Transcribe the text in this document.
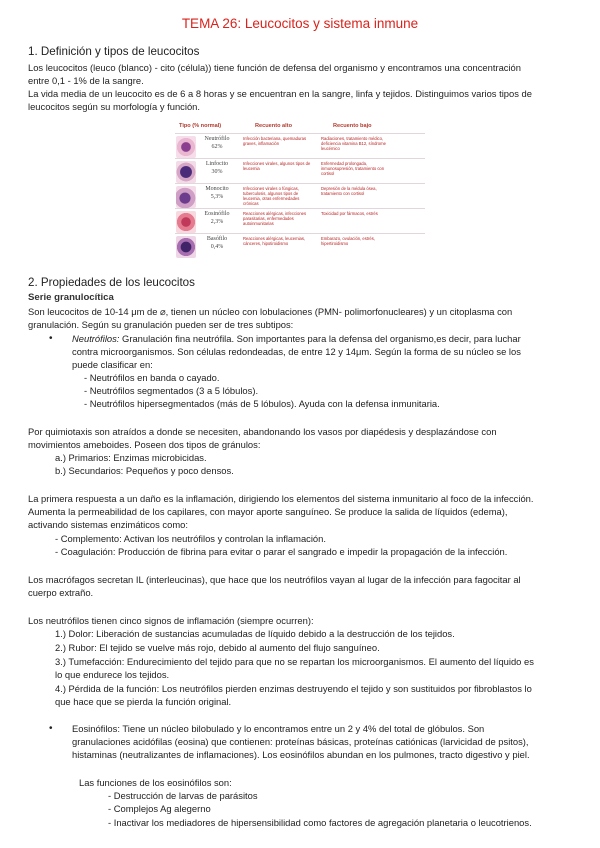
TEMA 26: Leucocitos y sistema inmune
1. Definición y tipos de leucocitos
Los leucocitos (leuco (blanco) - cito (célula)) tiene función de defensa del organismo y encontramos una concentración
entre 0,1 - 1% de la sangre.
La vida media de un leucocito es de 6 a 8 horas y se encuentran en la sangre, linfa y tejidos. Distinguimos varios tipos de
leucocitos según su morfología y función.
Tipo (% normal)	Recuento alto	Recuento bajo
Neutrófilo
62%
Infección bacteriana, quemaduras graves, inflamación
Radiaciones, tratamiento médico, deficiencia vitamina B12, síndrome leucémico
Linfocito
30%
Infecciones virales, algunos tipos de leucemia
Enfermedad prolongada, inmunosupresión, tratamiento con cortisol
Monocito
5,3%
Infecciones virales o fúngicas, tuberculosis, algunos tipos de leucemia, otras enfermedades crónicas
Depresión de la médula ósea, tratamiento con cortisol
Eosinófilo
2,3%
Reacciones alérgicas, infecciones parasitarias, enfermedades autoinmunitarias
Toxicidad por fármacos, estrés
Basófilo
0,4%
Reacciones alérgicas, leucemias, cánceres, hipotiroidismo
Embarazo, ovulación, estrés, hipertiroidismo
2. Propiedades de los leucocitos
Serie granulocítica
Son leucocitos de 10-14 μm de ⌀, tienen un núcleo con lobulaciones (PMN- polimorfonucleares) y un citoplasma con
granulación. Según su granulación pueden ser de tres subtipos:
• Neutrófilos: Granulación fina neutrófila. Son importantes para la defensa del organismo,es decir, para luchar
contra microorganismos. Son células redondeadas, de entre 12 y 14μm. Según la forma de su núcleo se los
puede clasificar en:
- Neutrófilos en banda o cayado.
- Neutrófilos segmentados (3 a 5 lóbulos).
- Neutrófilos hipersegmentados (más de 5 lóbulos). Ayuda con la defensa inmunitaria.
Por quimiotaxis son atraídos a donde se necesiten, abandonando los vasos por diapédesis y desplazándose con
movimientos ameboides. Poseen dos tipos de gránulos:
a.) Primarios: Enzimas microbicidas.
b.) Secundarios: Pequeños y poco densos.
La primera respuesta a un daño es la inflamación, dirigiendo los elementos del sistema inmunitario al foco de la infección.
Aumenta la permeabilidad de los capilares, con mayor aporte sanguíneo. Se produce la salida de líquidos (edema),
activando sistemas enzimáticos como:
- Complemento: Activan los neutrófilos y controlan la inflamación.
- Coagulación: Producción de fibrina para evitar o parar el sangrado e impedir la propagación de la infección.
Los macrófagos secretan IL (interleucinas), que hace que los neutrófilos vayan al lugar de la infección para fagocitar al
cuerpo extraño.
Los neutrófilos tienen cinco signos de inflamación (siempre ocurren):
1.) Dolor: Liberación de sustancias acumuladas de líquido debido a la destrucción de los tejidos.
2.) Rubor: El tejido se vuelve más rojo, debido al aumento del flujo sanguíneo.
3.) Tumefacción: Endurecimiento del tejido para que no se repartan los microorganismos. El aumento del líquido es
lo que endurece los tejidos.
4.) Pérdida de la función: Los neutrófilos pierden enzimas destruyendo el tejido y son sustituidos por fibroblastos lo
que hace que se pierda la función original.
• Eosinófilos: Tiene un núcleo bilobulado y lo encontramos entre un 2 y 4% del total de glóbulos. Son
granulaciones acidófilas (eosina) que contienen: proteínas básicas, proteínas catiónicas (larvicidad de psitos),
histaminas (neutralizantes de inflamaciones). Los eosinófilos abundan en los pulmones, tracto digestivo y piel.
Las funciones de los eosinófilos son:
- Destrucción de larvas de parásitos
- Complejos Ag alegerno
- Inactivar los mediadores de hipersensibilidad como factores de agregación planetaria o leucotrienos.
